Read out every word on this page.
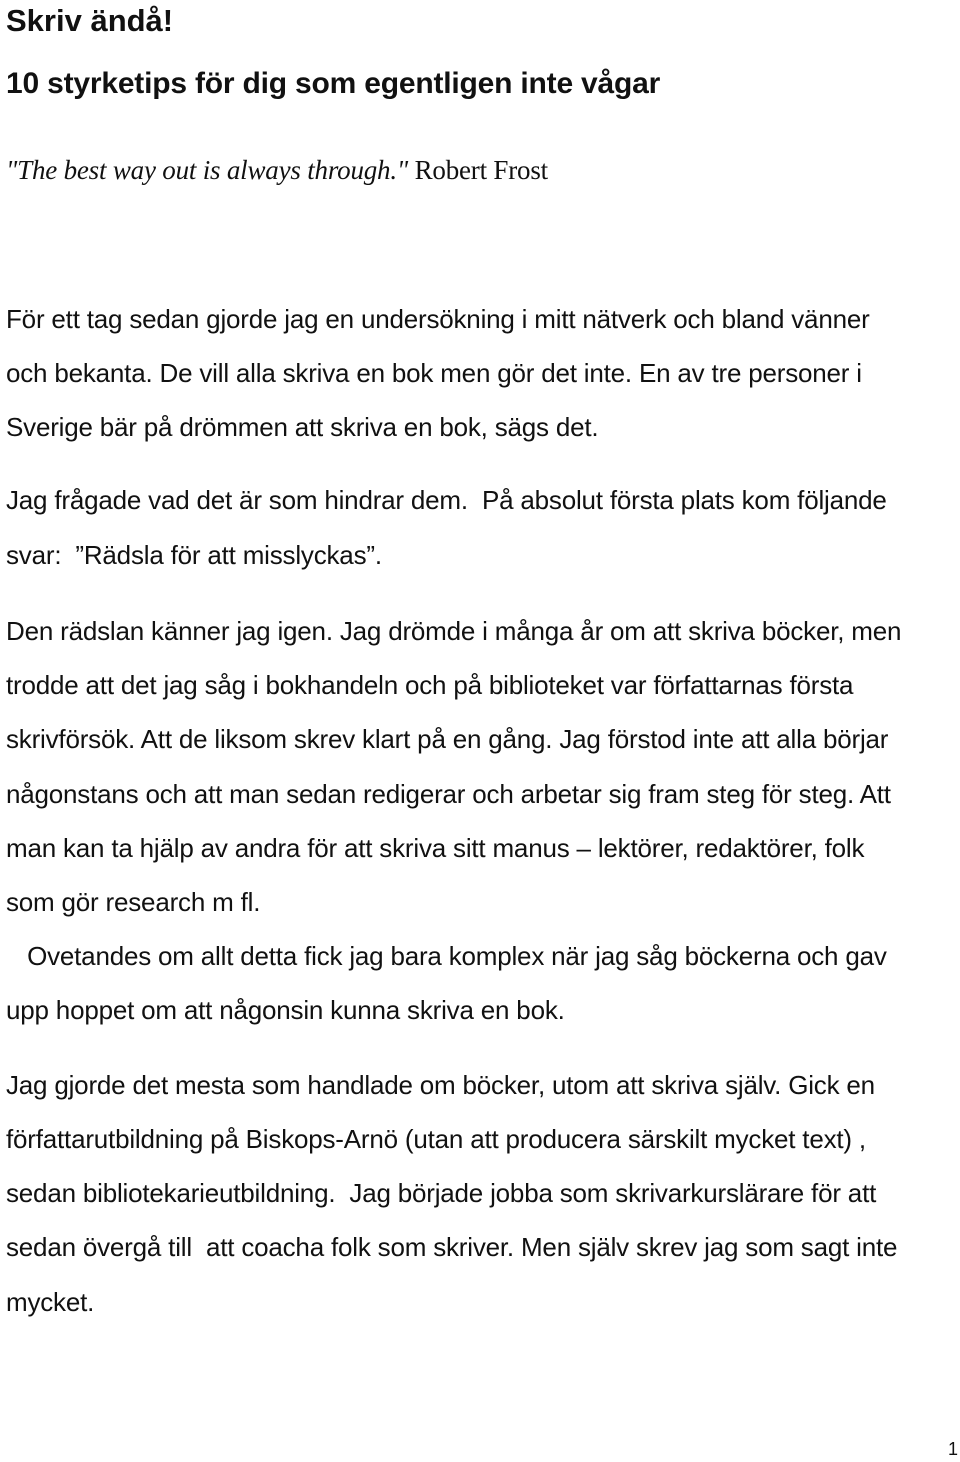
Skriv ändå!
10 styrketips för dig som egentligen inte vågar

"The best way out is always through." Robert Frost

För ett tag sedan gjorde jag en undersökning i mitt nätverk och bland vänner

och bekanta. De vill alla skriva en bok men gör det inte. En av tre personer i

Sverige bär på drömmen att skriva en bok, sägs det.

Jag frågade vad det är som hindrar dem.  På absolut första plats kom följande

svar:  ”Rädsla för att misslyckas”.

Den rädslan känner jag igen. Jag drömde i många år om att skriva böcker, men

trodde att det jag såg i bokhandeln och på biblioteket var författarnas första

skrivförsök. Att de liksom skrev klart på en gång. Jag förstod inte att alla börjar

någonstans och att man sedan redigerar och arbetar sig fram steg för steg. Att

man kan ta hjälp av andra för att skriva sitt manus – lektörer, redaktörer, folk

som gör research m fl.

Ovetandes om allt detta fick jag bara komplex när jag såg böckerna och gav

upp hoppet om att någonsin kunna skriva en bok.

Jag gjorde det mesta som handlade om böcker, utom att skriva själv. Gick en

författarutbildning på Biskops-Arnö (utan att producera särskilt mycket text) ,

sedan bibliotekarieutbildning.  Jag började jobba som skrivarkurslärare för att

sedan övergå till  att coacha folk som skriver. Men själv skrev jag som sagt inte

mycket.

1
